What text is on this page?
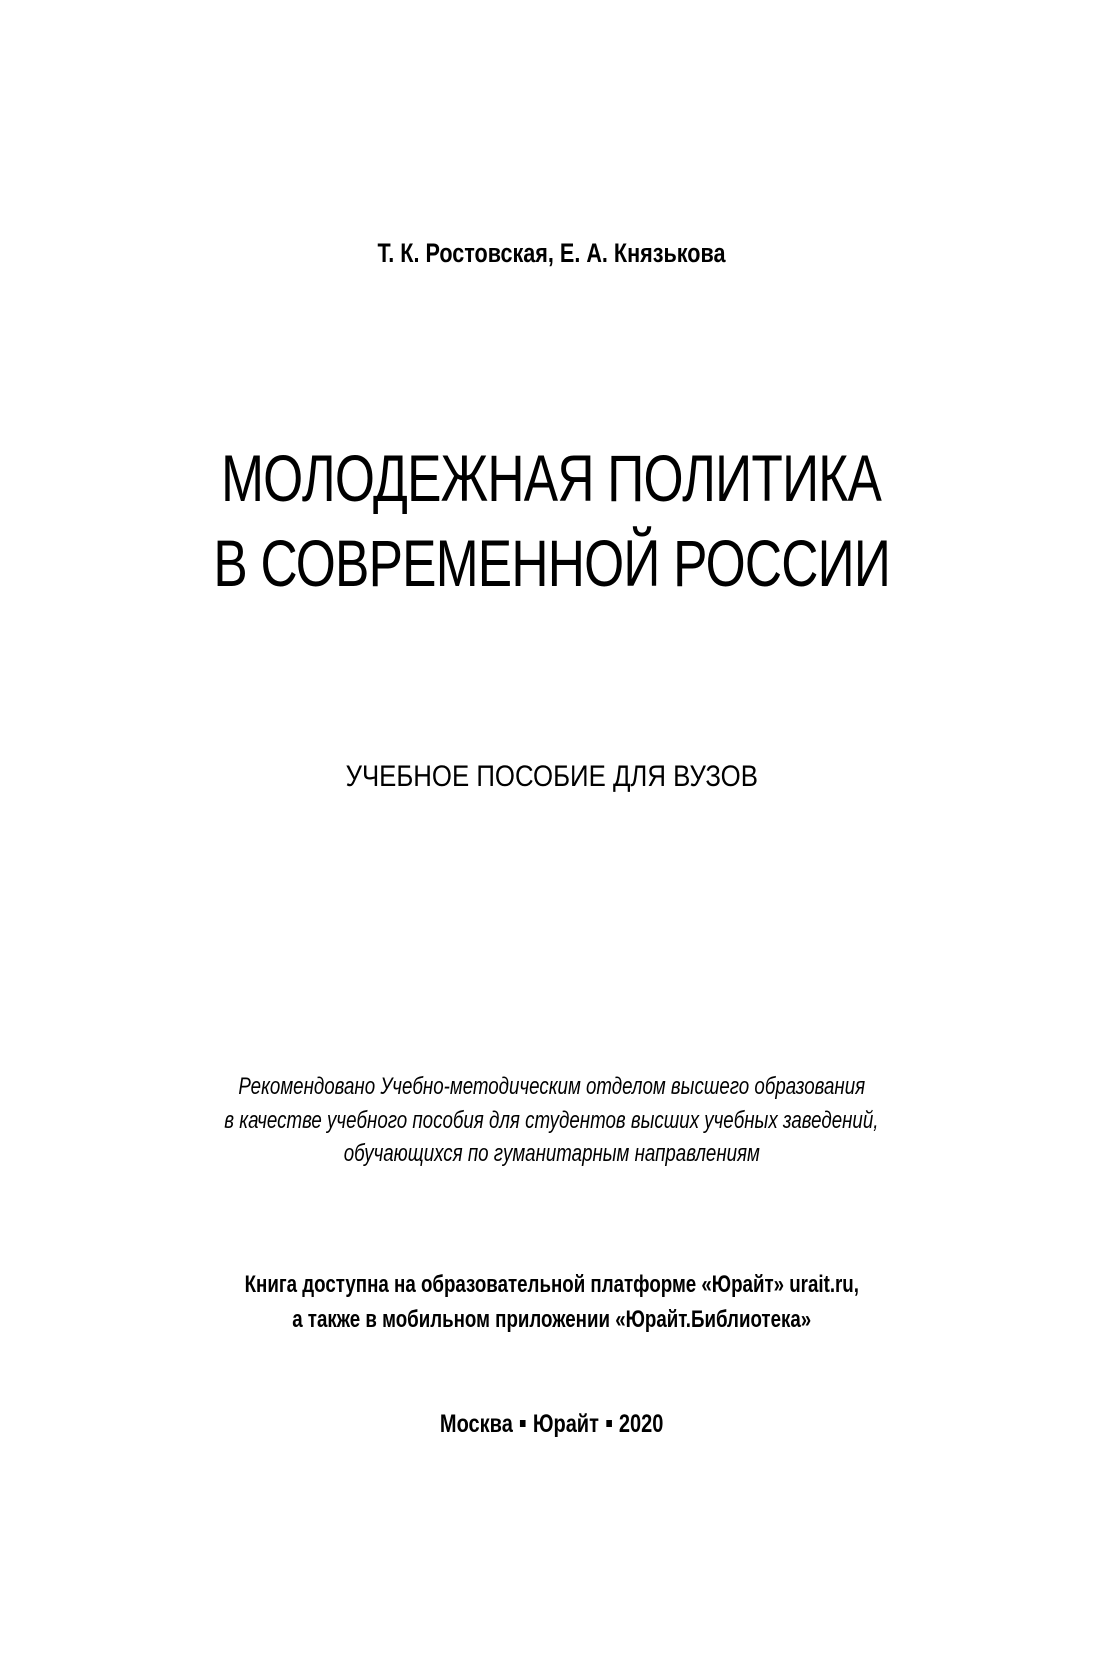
Т. К. Ростовская, Е. А. Князькова
МОЛОДЕЖНАЯ ПОЛИТИКА
В СОВРЕМЕННОЙ РОССИИ
УЧЕБНОЕ ПОСОБИЕ ДЛЯ ВУЗОВ
Рекомендовано Учебно-методическим отделом высшего образования
в качестве учебного пособия для студентов высших учебных заведений,
обучающихся по гуманитарным направлениям
Книга доступна на образовательной платформе «Юрайт» urait.ru,
а также в мобильном приложении «Юрайт.Библиотека»
Москва Юрайт 2020
